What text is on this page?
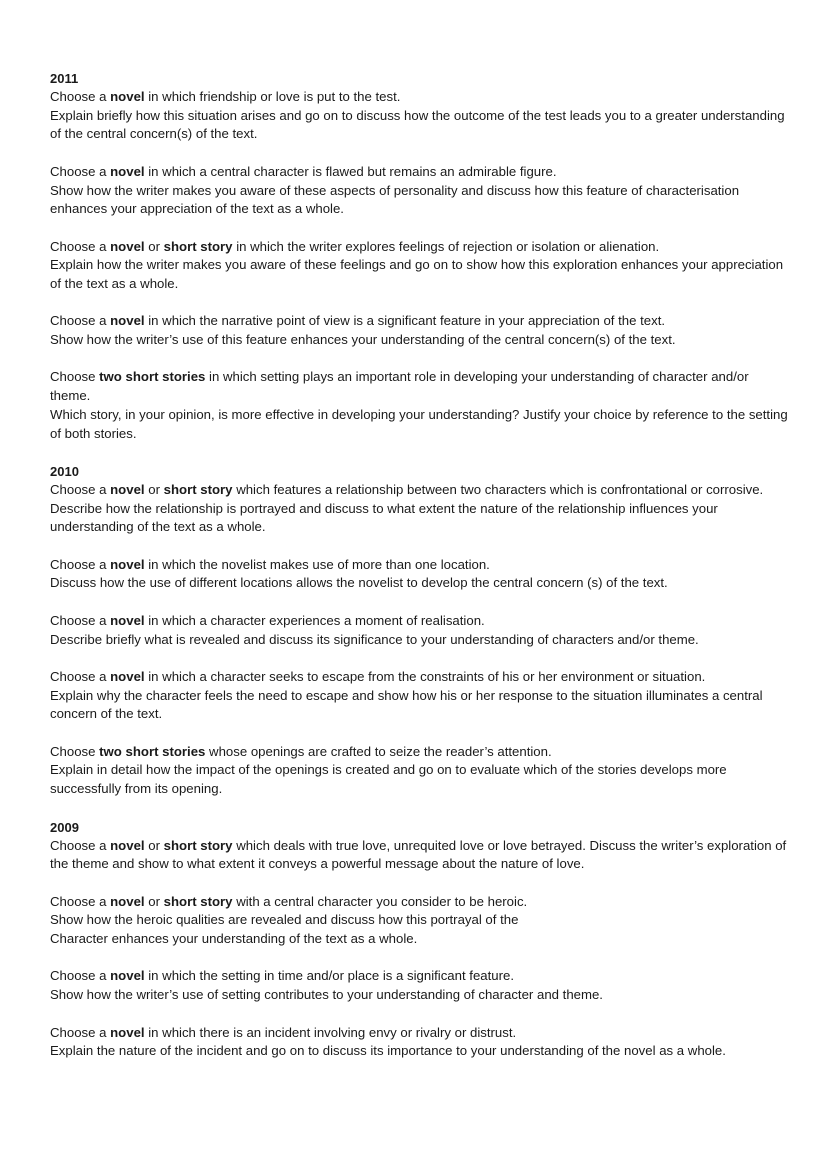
2011

Choose a novel in which friendship or love is put to the test.

Explain briefly how this situation arises and go on to discuss how the outcome of the test leads you to a greater understanding of the central concern(s) of the text.

Choose a novel in which a central character is flawed but remains an admirable figure.

Show how the writer makes you aware of these aspects of personality and discuss how this feature of characterisation enhances your appreciation of the text as a whole.

Choose a novel or short story in which the writer explores feelings of rejection or isolation or alienation.

Explain how the writer makes you aware of these feelings and go on to show how this exploration enhances your appreciation of the text as a whole.

Choose a novel in which the narrative point of view is a significant feature in your appreciation of the text.

Show how the writer’s use of this feature enhances your understanding of the central concern(s) of the text.

Choose two short stories in which setting plays an important role in developing your understanding of character and/or theme.

Which story, in your opinion, is more effective in developing your understanding? Justify your choice by reference to the setting of both stories.

2010

Choose a novel or short story which features a relationship between two characters which is confrontational or corrosive.

Describe how the relationship is portrayed and discuss to what extent the nature of the relationship influences your understanding of the text as a whole.

Choose a novel in which the novelist makes use of more than one location.

Discuss how the use of different locations allows the novelist to develop the central concern (s) of the text.

Choose a novel in which a character experiences a moment of realisation.

Describe briefly what is revealed and discuss its significance to your understanding of characters and/or theme.

Choose a novel in which a character seeks to escape from the constraints of his or her environment or situation.

Explain why the character feels the need to escape and show how his or her response to the situation illuminates a central concern of the text.

Choose two short stories whose openings are crafted to seize the reader’s attention.

Explain in detail how the impact of the openings is created and go on to evaluate which of the stories develops more successfully from its opening.

2009

Choose a novel or short story which deals with true love, unrequited love or love betrayed. Discuss the writer’s exploration of the theme and show to what extent it conveys a powerful message about the nature of love.

Choose a novel or short story with a central character you consider to be heroic.

Show how the heroic qualities are revealed and discuss how this portrayal of the

Character enhances your understanding of the text as a whole.

Choose a novel in which the setting in time and/or place is a significant feature.

Show how the writer’s use of setting contributes to your understanding of character and theme.

Choose a novel in which there is an incident involving envy or rivalry or distrust.

Explain the nature of the incident and go on to discuss its importance to your understanding of the novel as a whole.
